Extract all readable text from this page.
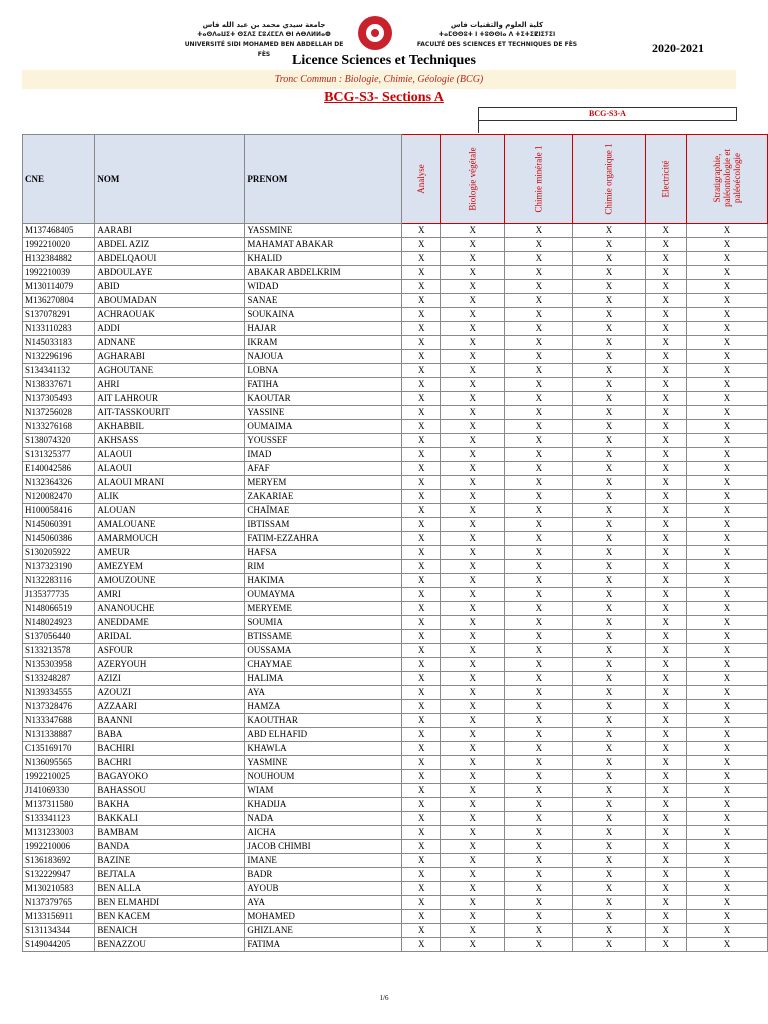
جامعة سيدي محمد بن عبد الله فاس
ⵜⴰⵙⴷⴰⵡⵉⵜ ⵙⵉⴷⵉ ⵎⵓⵃⵎⵎⴷ ⴱⵏ ⵄⴱⴷⵍⵍⴰⵀ
UNIVERSITÉ SIDI MOHAMED BEN ABDELLAH DE FÈS
كلية العلوم والتقنيات فاس
ⵜⴰⵎⵙⵙⵓⵜ ⵏ ⵜⵓⵙⵙⵏⴰ ⴷ ⵜⵉⵜⵉⵇⵏⵉⵢⵉⵏ
FACULTÉ DES SCIENCES ET TECHNIQUES DE FÈS	2020-2021
Licence Sciences et Techniques
Tronc Commun : Biologie, Chimie, Géologie (BCG)
BCG-S3- Sections A
BCG-S3-A
CNE	NOM	PRENOM	Analyse	Biologie végétale	Chimie minérale 1	Chimie organique 1	Electricité	Stratigraphie, paléontologie et paléoécologie
M137468405	AARABI	YASSMINE	X	X	X	X	X	X
1992210020	ABDEL AZIZ	MAHAMAT ABAKAR	X	X	X	X	X	X
H132384882	ABDELQAOUI	KHALID	X	X	X	X	X	X
1992210039	ABDOULAYE	ABAKAR ABDELKRIM	X	X	X	X	X	X
M130114079	ABID	WIDAD	X	X	X	X	X	X
M136270804	ABOUMADAN	SANAE	X	X	X	X	X	X
S137078291	ACHRAOUAK	SOUKAINA	X	X	X	X	X	X
N133110283	ADDI	HAJAR	X	X	X	X	X	X
N145033183	ADNANE	IKRAM	X	X	X	X	X	X
N132296196	AGHARABI	NAJOUA	X	X	X	X	X	X
S134341132	AGHOUTANE	LOBNA	X	X	X	X	X	X
N138337671	AHRI	FATIHA	X	X	X	X	X	X
N137305493	AIT LAHROUR	KAOUTAR	X	X	X	X	X	X
N137256028	AIT-TASSKOURIT	YASSINE	X	X	X	X	X	X
N133276168	AKHABBIL	OUMAIMA	X	X	X	X	X	X
S138074320	AKHSASS	YOUSSEF	X	X	X	X	X	X
S131325377	ALAOUI	IMAD	X	X	X	X	X	X
E140042586	ALAOUI	AFAF	X	X	X	X	X	X
N132364326	ALAOUI MRANI	MERYEM	X	X	X	X	X	X
N120082470	ALIK	ZAKARIAE	X	X	X	X	X	X
H100058416	ALOUAN	CHAÏMAE	X	X	X	X	X	X
N145060391	AMALOUANE	IBTISSAM	X	X	X	X	X	X
N145060386	AMARMOUCH	FATIM-EZZAHRA	X	X	X	X	X	X
S130205922	AMEUR	HAFSA	X	X	X	X	X	X
N137323190	AMEZYEM	RIM	X	X	X	X	X	X
N132283116	AMOUZOUNE	HAKIMA	X	X	X	X	X	X
J135377735	AMRI	OUMAYMA	X	X	X	X	X	X
N148066519	ANANOUCHE	MERYEME	X	X	X	X	X	X
N148024923	ANEDDAME	SOUMIA	X	X	X	X	X	X
S137056440	ARIDAL	BTISSAME	X	X	X	X	X	X
S133213578	ASFOUR	OUSSAMA	X	X	X	X	X	X
N135303958	AZERYOUH	CHAYMAE	X	X	X	X	X	X
S133248287	AZIZI	HALIMA	X	X	X	X	X	X
N139334555	AZOUZI	AYA	X	X	X	X	X	X
N137328476	AZZAARI	HAMZA	X	X	X	X	X	X
N133347688	BAANNI	KAOUTHAR	X	X	X	X	X	X
N131338887	BABA	ABD ELHAFID	X	X	X	X	X	X
C135169170	BACHIRI	KHAWLA	X	X	X	X	X	X
N136095565	BACHRI	YASMINE	X	X	X	X	X	X
1992210025	BAGAYOKO	NOUHOUM	X	X	X	X	X	X
J141069330	BAHASSOU	WIAM	X	X	X	X	X	X
M137311580	BAKHA	KHADIJA	X	X	X	X	X	X
S133341123	BAKKALI	NADA	X	X	X	X	X	X
M131233003	BAMBAM	AICHA	X	X	X	X	X	X
1992210006	BANDA	JACOB CHIMBI	X	X	X	X	X	X
S136183692	BAZINE	IMANE	X	X	X	X	X	X
S132229947	BEJTALA	BADR	X	X	X	X	X	X
M130210583	BEN ALLA	AYOUB	X	X	X	X	X	X
N137379765	BEN ELMAHDI	AYA	X	X	X	X	X	X
M133156911	BEN KACEM	MOHAMED	X	X	X	X	X	X
S131134344	BENAICH	GHIZLANE	X	X	X	X	X	X
S149044205	BENAZZOU	FATIMA	X	X	X	X	X	X
1/6
